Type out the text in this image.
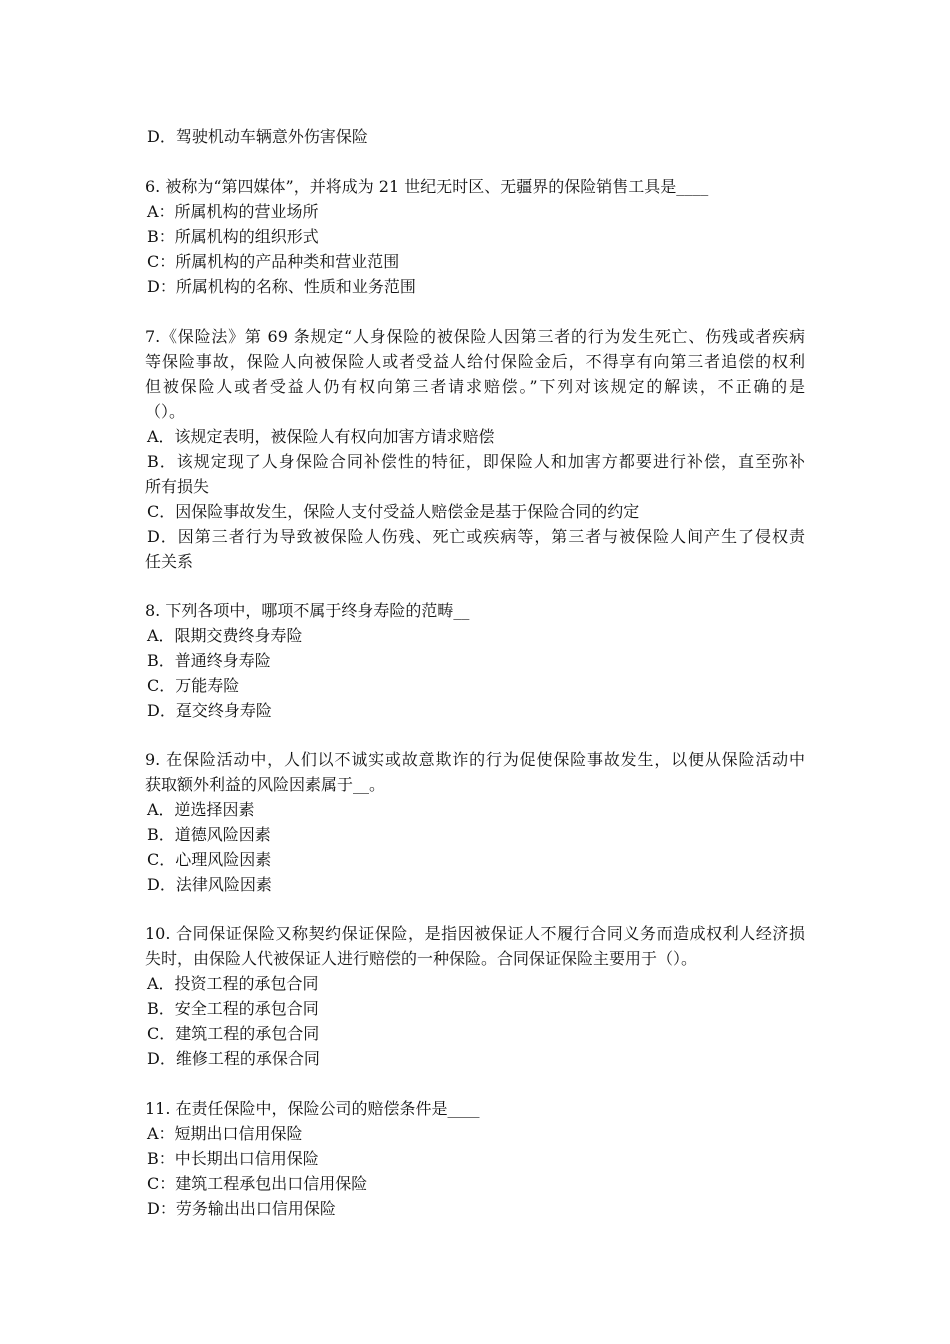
D．驾驶机动车辆意外伤害保险
6. 被称为“第四媒体”，并将成为 21 世纪无时区、无疆界的保险销售工具是____
A：所属机构的营业场所
B：所属机构的组织形式
C：所属机构的产品种类和营业范围
D：所属机构的名称、性质和业务范围
7.《保险法》第 69 条规定“人身保险的被保险人因第三者的行为发生死亡、伤残或者疾病
等保险事故，保险人向被保险人或者受益人给付保险金后，不得享有向第三者追偿的权利
但被保险人或者受益人仍有权向第三者请求赔偿。”下列对该规定的解读，不正确的是
（）。
A．该规定表明，被保险人有权向加害方请求赔偿
B．该规定现了人身保险合同补偿性的特征，即保险人和加害方都要进行补偿，直至弥补
所有损失
C．因保险事故发生，保险人支付受益人赔偿金是基于保险合同的约定
D．因第三者行为导致被保险人伤残、死亡或疾病等，第三者与被保险人间产生了侵权责
任关系
8. 下列各项中，哪项不属于终身寿险的范畴__
A．限期交费终身寿险
B．普通终身寿险
C．万能寿险
D．趸交终身寿险
9. 在保险活动中，人们以不诚实或故意欺诈的行为促使保险事故发生，以便从保险活动中
获取额外利益的风险因素属于__。
A．逆选择因素
B．道德风险因素
C．心理风险因素
D．法律风险因素
10. 合同保证保险又称契约保证保险，是指因被保证人不履行合同义务而造成权利人经济损
失时，由保险人代被保证人进行赔偿的一种保险。合同保证保险主要用于（）。
A．投资工程的承包合同
B．安全工程的承包合同
C．建筑工程的承包合同
D．维修工程的承保合同
11. 在责任保险中，保险公司的赔偿条件是____
A：短期出口信用保险
B：中长期出口信用保险
C：建筑工程承包出口信用保险
D：劳务输出出口信用保险
